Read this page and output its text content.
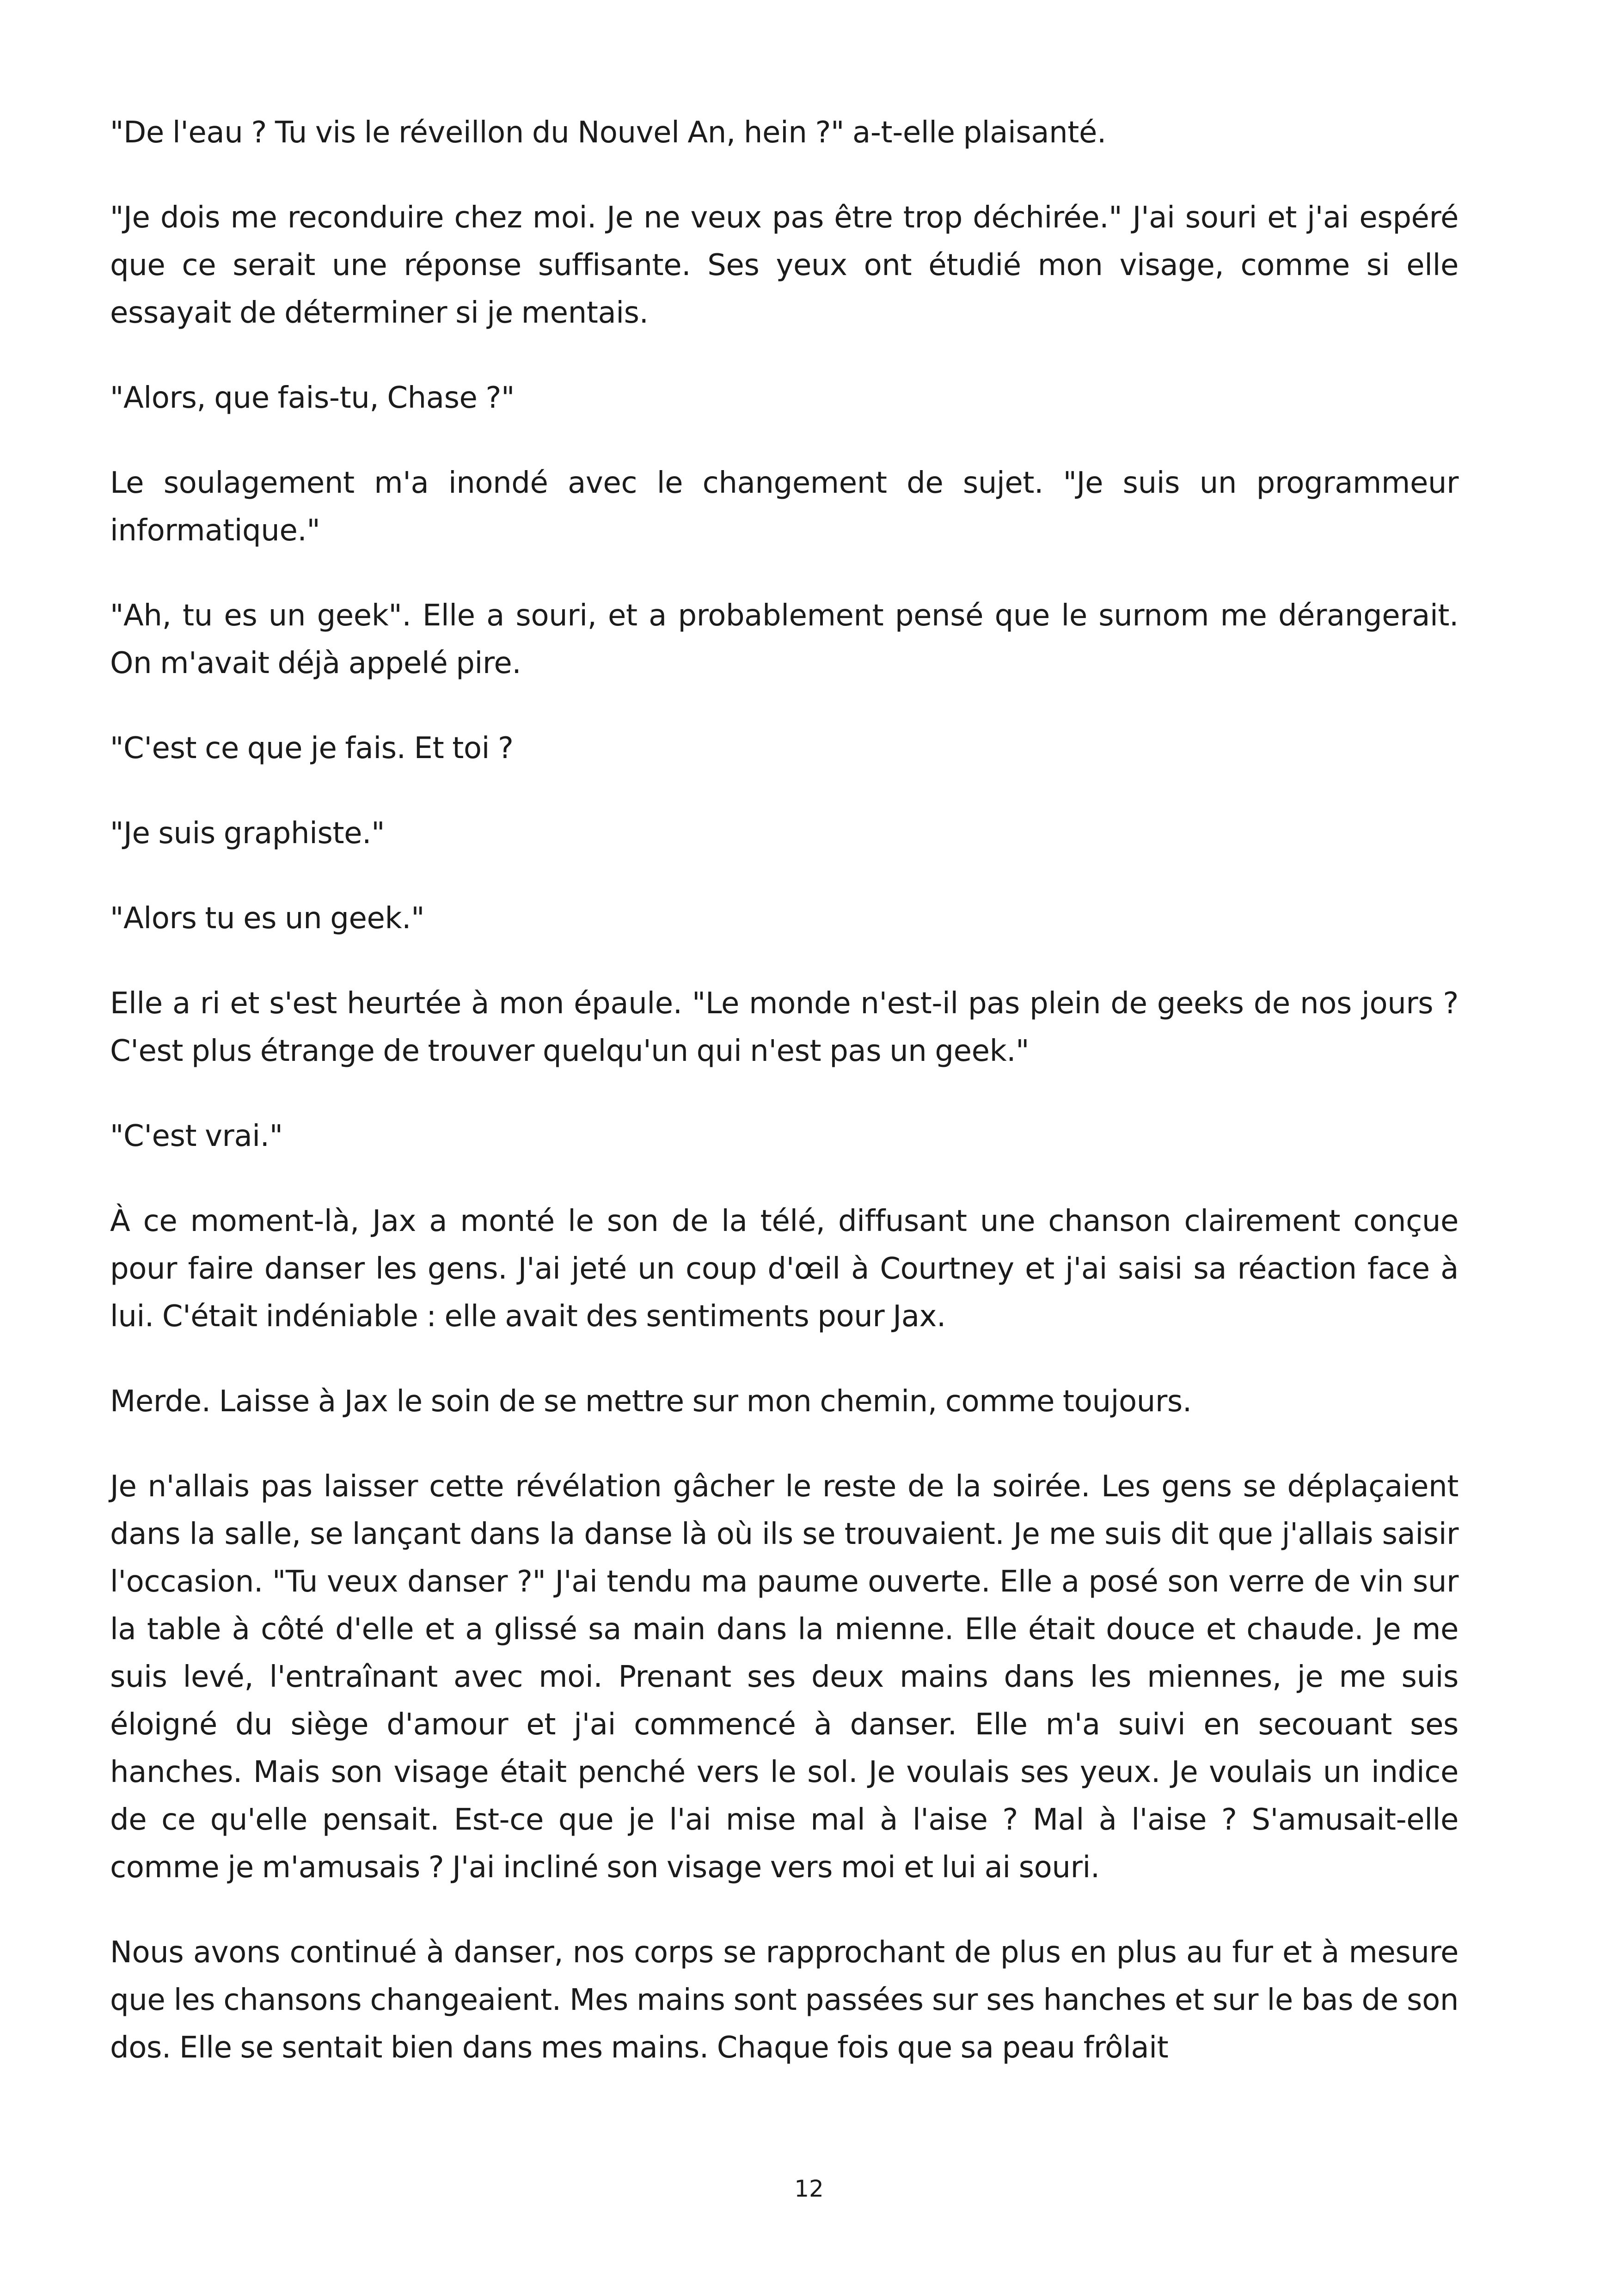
"De l'eau ? Tu vis le réveillon du Nouvel An, hein ?" a-t-elle plaisanté.

"Je dois me reconduire chez moi. Je ne veux pas être trop déchirée." J'ai souri et j'ai espéré que ce serait une réponse suffisante. Ses yeux ont étudié mon visage, comme si elle essayait de déterminer si je mentais.

"Alors, que fais-tu, Chase ?"

Le soulagement m'a inondé avec le changement de sujet. "Je suis un programmeur informatique."

"Ah, tu es un geek". Elle a souri, et a probablement pensé que le surnom me dérangerait. On m'avait déjà appelé pire.

"C'est ce que je fais. Et toi ?

"Je suis graphiste."

"Alors tu es un geek."

Elle a ri et s'est heurtée à mon épaule. "Le monde n'est-il pas plein de geeks de nos jours ? C'est plus étrange de trouver quelqu'un qui n'est pas un geek."

"C'est vrai."

À ce moment-là, Jax a monté le son de la télé, diffusant une chanson clairement conçue pour faire danser les gens. J'ai jeté un coup d'œil à Courtney et j'ai saisi sa réaction face à lui. C'était indéniable : elle avait des sentiments pour Jax.

Merde. Laisse à Jax le soin de se mettre sur mon chemin, comme toujours.

Je n'allais pas laisser cette révélation gâcher le reste de la soirée. Les gens se déplaçaient dans la salle, se lançant dans la danse là où ils se trouvaient. Je me suis dit que j'allais saisir l'occasion. "Tu veux danser ?" J'ai tendu ma paume ouverte. Elle a posé son verre de vin sur la table à côté d'elle et a glissé sa main dans la mienne. Elle était douce et chaude. Je me suis levé, l'entraînant avec moi. Prenant ses deux mains dans les miennes, je me suis éloigné du siège d'amour et j'ai commencé à danser. Elle m'a suivi en secouant ses hanches. Mais son visage était penché vers le sol. Je voulais ses yeux. Je voulais un indice de ce qu'elle pensait. Est-ce que je l'ai mise mal à l'aise ? Mal à l'aise ? S'amusait-elle comme je m'amusais ? J'ai incliné son visage vers moi et lui ai souri.

Nous avons continué à danser, nos corps se rapprochant de plus en plus au fur et à mesure que les chansons changeaient. Mes mains sont passées sur ses hanches et sur le bas de son dos. Elle se sentait bien dans mes mains. Chaque fois que sa peau frôlait

12
